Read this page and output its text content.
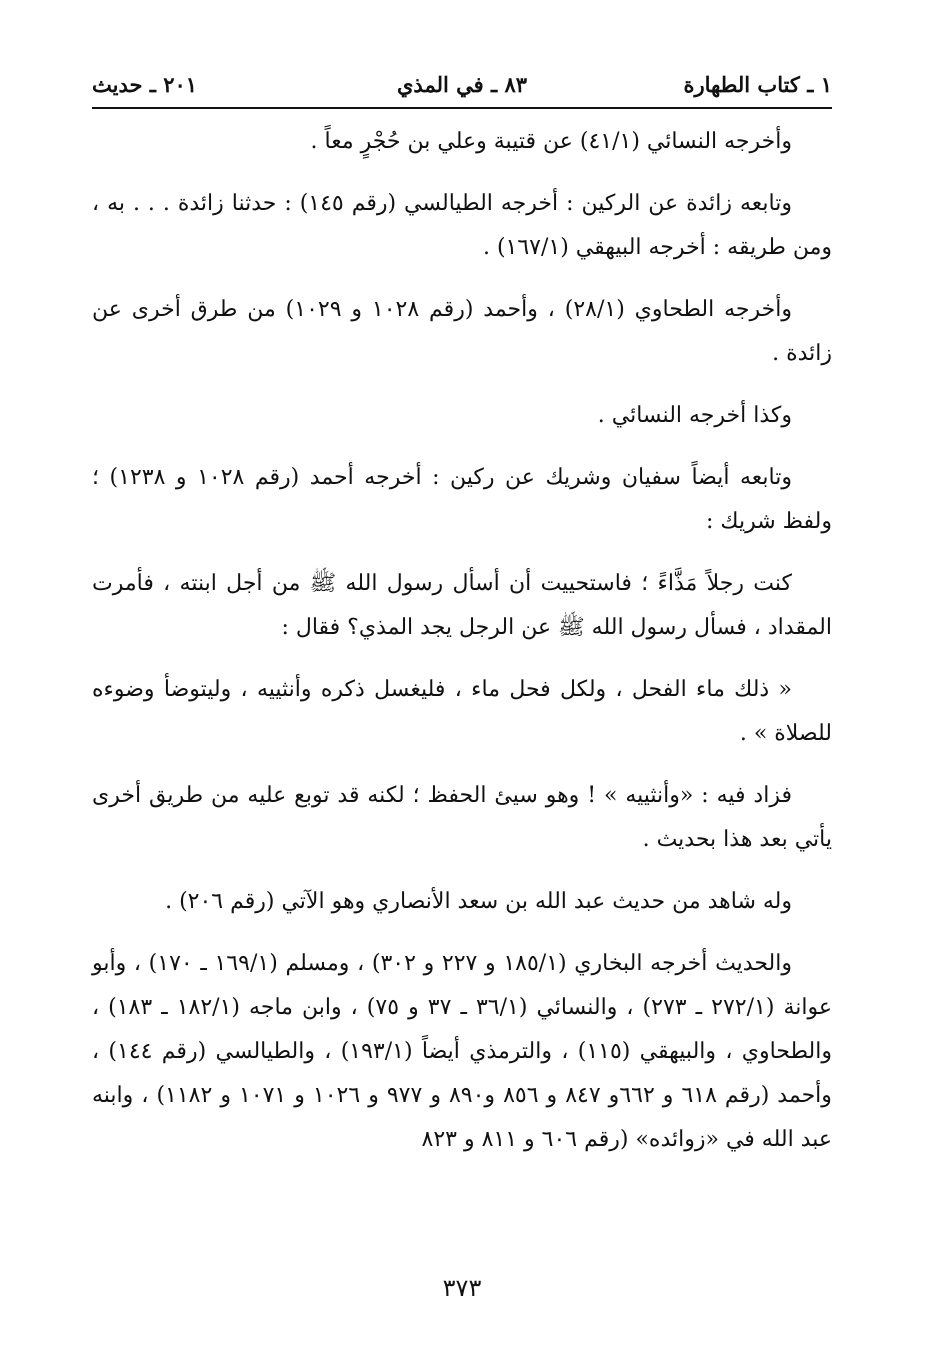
١ ـ كتاب الطهارة
٨٣ ـ في المذي
٢٠١ ـ حديث

وأخرجه النسائي (٤١/١) عن قتيبة وعلي بن حُجْرٍ معاً .

وتابعه زائدة عن الركين : أخرجه الطيالسي (رقم ١٤٥) : حدثنا زائدة . . . به ، ومن طريقه : أخرجه البيهقي (١٦٧/١) .

وأخرجه الطحاوي (٢٨/١) ، وأحمد (رقم ١٠٢٨ و ١٠٢٩) من طرق أخرى عن زائدة .

وكذا أخرجه النسائي .

وتابعه أيضاً سفيان وشريك عن ركين : أخرجه أحمد (رقم ١٠٢٨ و ١٢٣٨) ؛ ولفظ شريك :

كنت رجلاً مَذَّاءً ؛ فاستحييت أن أسأل رسول الله ﷺ من أجل ابنته ، فأمرت المقداد ، فسأل رسول الله ﷺ عن الرجل يجد المذي؟ فقال :

« ذلك ماء الفحل ، ولكل فحل ماء ، فليغسل ذكره وأنثييه ، وليتوضأ وضوءه للصلاة » .

فزاد فيه : «وأنثييه » ! وهو سيئ الحفظ ؛ لكنه قد توبع عليه من طريق أخرى يأتي بعد هذا بحديث .

وله شاهد من حديث عبد الله بن سعد الأنصاري وهو الآتي (رقم ٢٠٦) .

والحديث أخرجه البخاري (١٨٥/١ و ٢٢٧ و ٣٠٢) ، ومسلم (١٦٩/١ ـ ١٧٠) ، وأبو عوانة (٢٧٢/١ ـ ٢٧٣) ، والنسائي (٣٦/١ ـ ٣٧ و ٧٥) ، وابن ماجه (١٨٢/١ ـ ١٨٣) ، والطحاوي ، والبيهقي (١١٥) ، والترمذي أيضاً (١٩٣/١) ، والطيالسي (رقم ١٤٤) ، وأحمد (رقم ٦١٨ و ٦٦٢و ٨٤٧ و ٨٥٦ و٨٩٠ و ٩٧٧ و ١٠٢٦ و ١٠٧١ و ١١٨٢) ، وابنه عبد الله في «زوائده» (رقم ٦٠٦ و ٨١١ و ٨٢٣

٣٧٣
